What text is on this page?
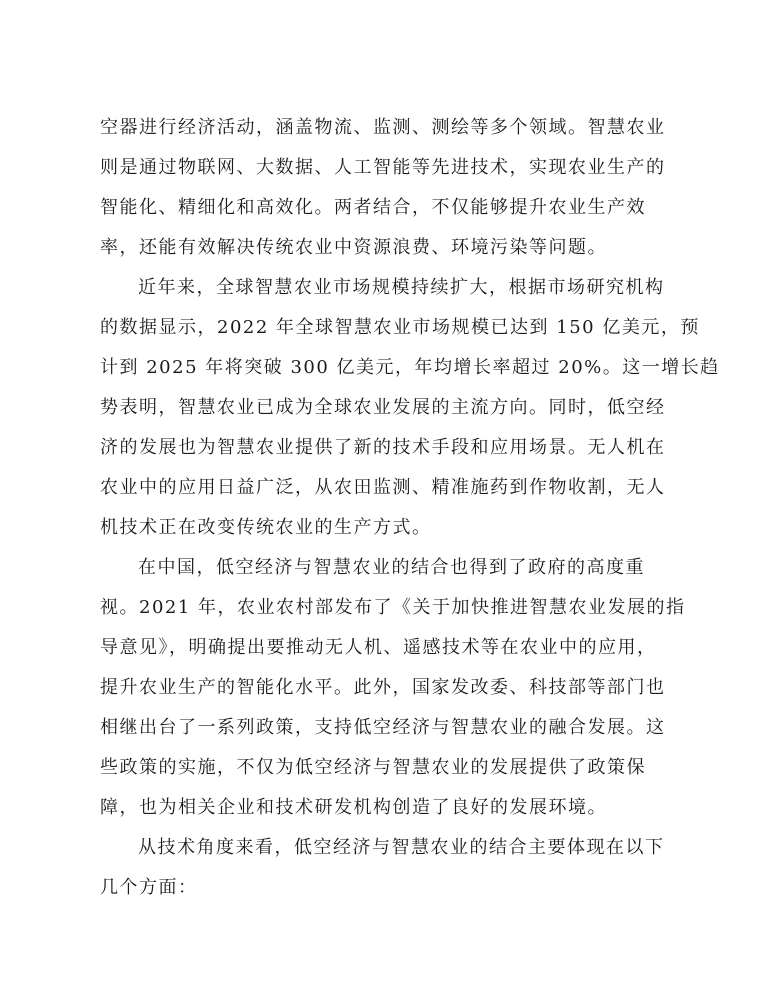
空器进行经济活动，涵盖物流、监测、测绘等多个领域。智慧农业
则是通过物联网、大数据、人工智能等先进技术，实现农业生产的
智能化、精细化和高效化。两者结合，不仅能够提升农业生产效
率，还能有效解决传统农业中资源浪费、环境污染等问题。

近年来，全球智慧农业市场规模持续扩大，根据市场研究机构
的数据显示，2022 年全球智慧农业市场规模已达到 150 亿美元，预
计到 2025 年将突破 300 亿美元，年均增长率超过 20%。这一增长趋
势表明，智慧农业已成为全球农业发展的主流方向。同时，低空经
济的发展也为智慧农业提供了新的技术手段和应用场景。无人机在
农业中的应用日益广泛，从农田监测、精准施药到作物收割，无人
机技术正在改变传统农业的生产方式。

在中国，低空经济与智慧农业的结合也得到了政府的高度重
视。2021 年，农业农村部发布了《关于加快推进智慧农业发展的指
导意见》，明确提出要推动无人机、遥感技术等在农业中的应用，
提升农业生产的智能化水平。此外，国家发改委、科技部等部门也
相继出台了一系列政策，支持低空经济与智慧农业的融合发展。这
些政策的实施，不仅为低空经济与智慧农业的发展提供了政策保
障，也为相关企业和技术研发机构创造了良好的发展环境。

从技术角度来看，低空经济与智慧农业的结合主要体现在以下
几个方面：
